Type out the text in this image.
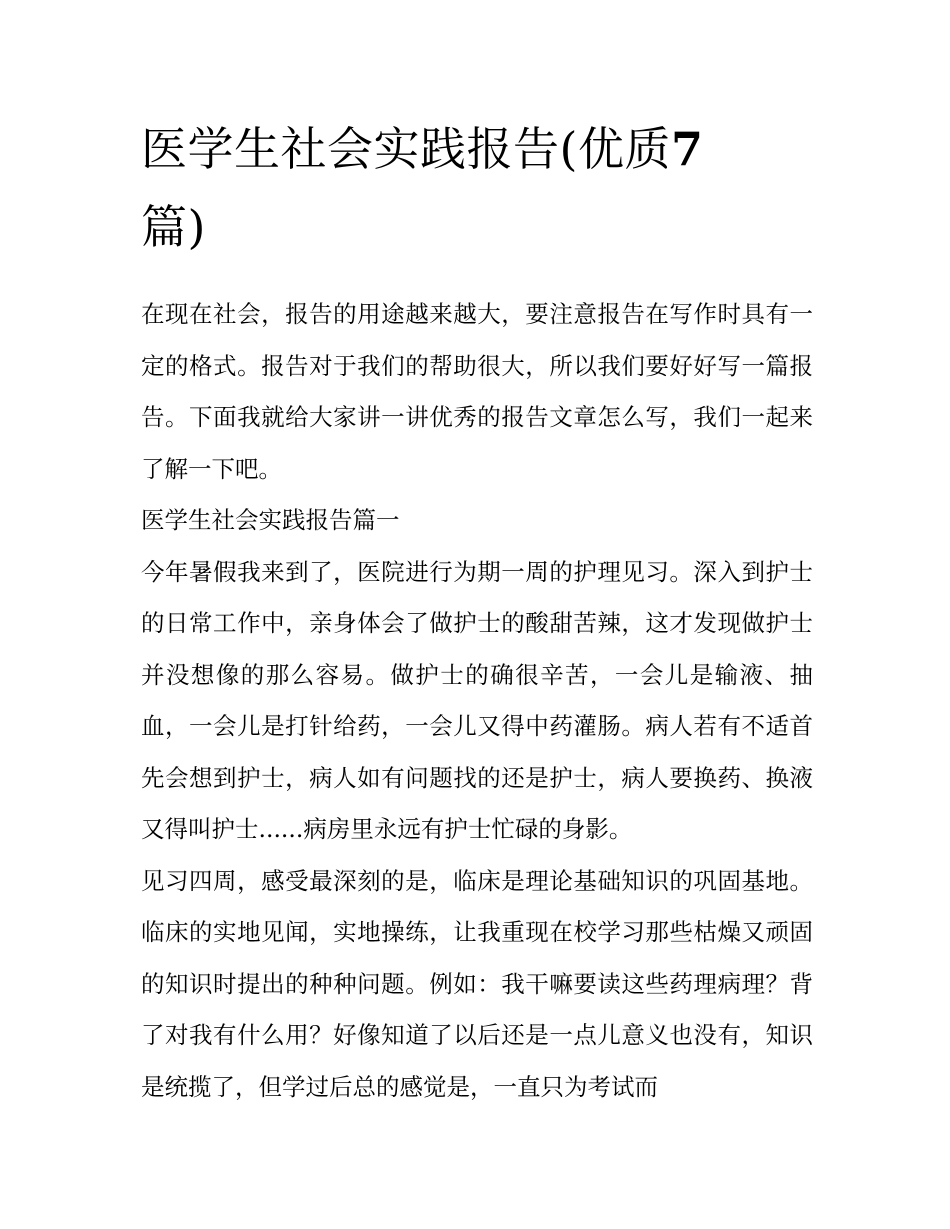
医学生社会实践报告(优质7篇)

在现在社会，报告的用途越来越大，要注意报告在写作时具有一定的格式。报告对于我们的帮助很大，所以我们要好好写一篇报告。下面我就给大家讲一讲优秀的报告文章怎么写，我们一起来了解一下吧。

医学生社会实践报告篇一

今年暑假我来到了，医院进行为期一周的护理见习。深入到护士的日常工作中，亲身体会了做护士的酸甜苦辣，这才发现做护士并没想像的那么容易。做护士的确很辛苦，一会儿是输液、抽血，一会儿是打针给药，一会儿又得中药灌肠。病人若有不适首先会想到护士，病人如有问题找的还是护士，病人要换药、换液又得叫护士......病房里永远有护士忙碌的身影。

见习四周，感受最深刻的是，临床是理论基础知识的巩固基地。临床的实地见闻，实地操练，让我重现在校学习那些枯燥又顽固的知识时提出的种种问题。例如：我干嘛要读这些药理病理？背了对我有什么用？好像知道了以后还是一点儿意义也没有，知识是统揽了，但学过后总的感觉是，一直只为考试而
